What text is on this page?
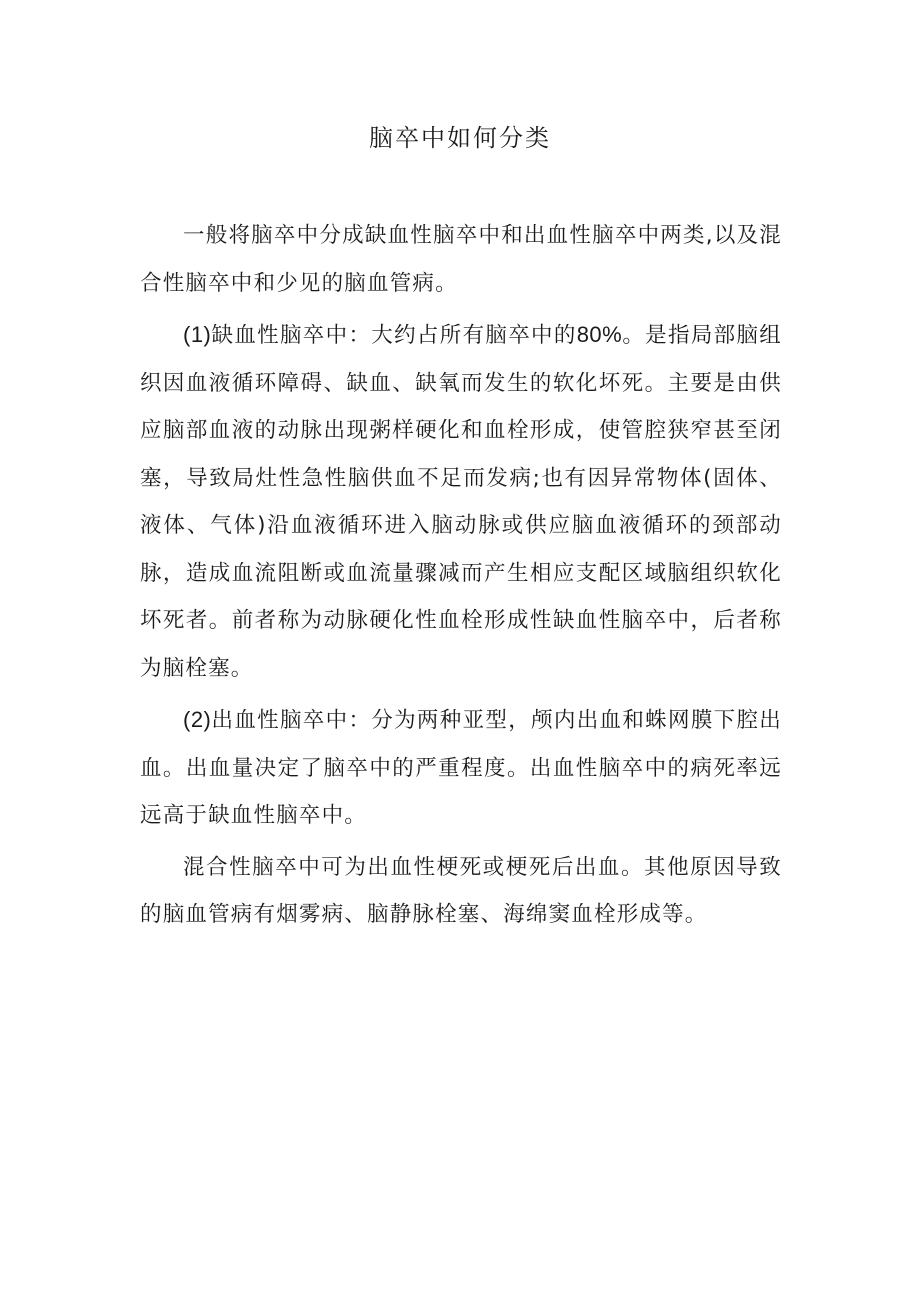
脑卒中如何分类

一般将脑卒中分成缺血性脑卒中和出血性脑卒中两类,以及混合性脑卒中和少见的脑血管病。

(1)缺血性脑卒中：大约占所有脑卒中的80%。是指局部脑组织因血液循环障碍、缺血、缺氧而发生的软化坏死。主要是由供应脑部血液的动脉出现粥样硬化和血栓形成，使管腔狭窄甚至闭塞，导致局灶性急性脑供血不足而发病;也有因异常物体(固体、液体、气体)沿血液循环进入脑动脉或供应脑血液循环的颈部动脉，造成血流阻断或血流量骤减而产生相应支配区域脑组织软化坏死者。前者称为动脉硬化性血栓形成性缺血性脑卒中，后者称为脑栓塞。

(2)出血性脑卒中：分为两种亚型，颅内出血和蛛网膜下腔出血。出血量决定了脑卒中的严重程度。出血性脑卒中的病死率远远高于缺血性脑卒中。

混合性脑卒中可为出血性梗死或梗死后出血。其他原因导致的脑血管病有烟雾病、脑静脉栓塞、海绵窦血栓形成等。
